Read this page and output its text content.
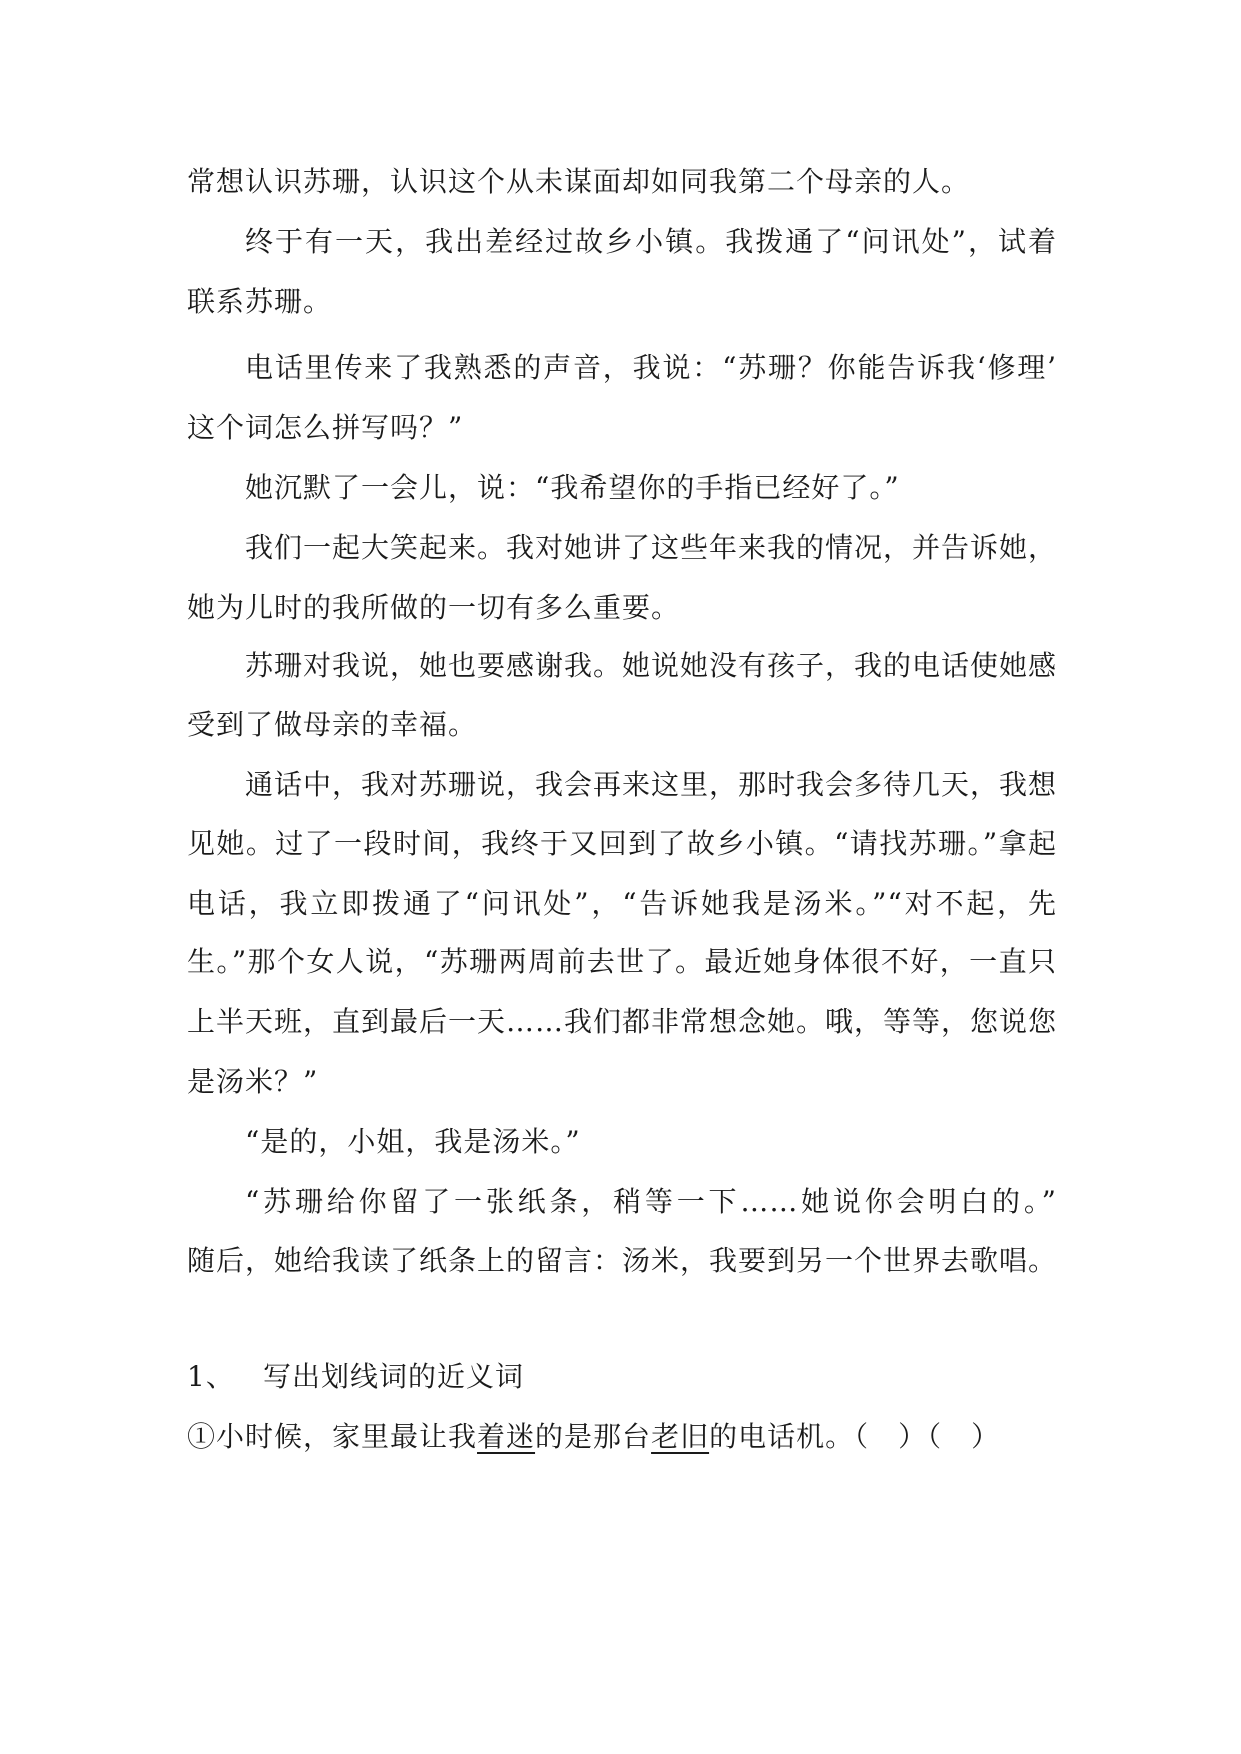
常想认识苏珊，认识这个从未谋面却如同我第二个母亲的人。
终于有一天，我出差经过故乡小镇。我拨通了“问讯处”，试着
联系苏珊。
电话里传来了我熟悉的声音，我说：“苏珊？你能告诉我‘修理’
这个词怎么拼写吗？”
她沉默了一会儿，说：“我希望你的手指已经好了。”
我们一起大笑起来。我对她讲了这些年来我的情况，并告诉她，
她为儿时的我所做的一切有多么重要。
苏珊对我说，她也要感谢我。她说她没有孩子，我的电话使她感
受到了做母亲的幸福。
通话中，我对苏珊说，我会再来这里，那时我会多待几天，我想
见她。过了一段时间，我终于又回到了故乡小镇。“请找苏珊。”拿起
电话，我立即拨通了“问讯处”，“告诉她我是汤米。”“对不起，先
生。”那个女人说，“苏珊两周前去世了。最近她身体很不好，一直只
上半天班，直到最后一天……我们都非常想念她。哦，等等，您说您
是汤米？”
“是的，小姐，我是汤米。”
“苏珊给你留了一张纸条，稍等一下……她说你会明白的。”
随后，她给我读了纸条上的留言：汤米，我要到另一个世界去歌唱。
1、 写出划线词的近义词
①小时候，家里最让我着迷的是那台老旧的电话机。（　）（　）
